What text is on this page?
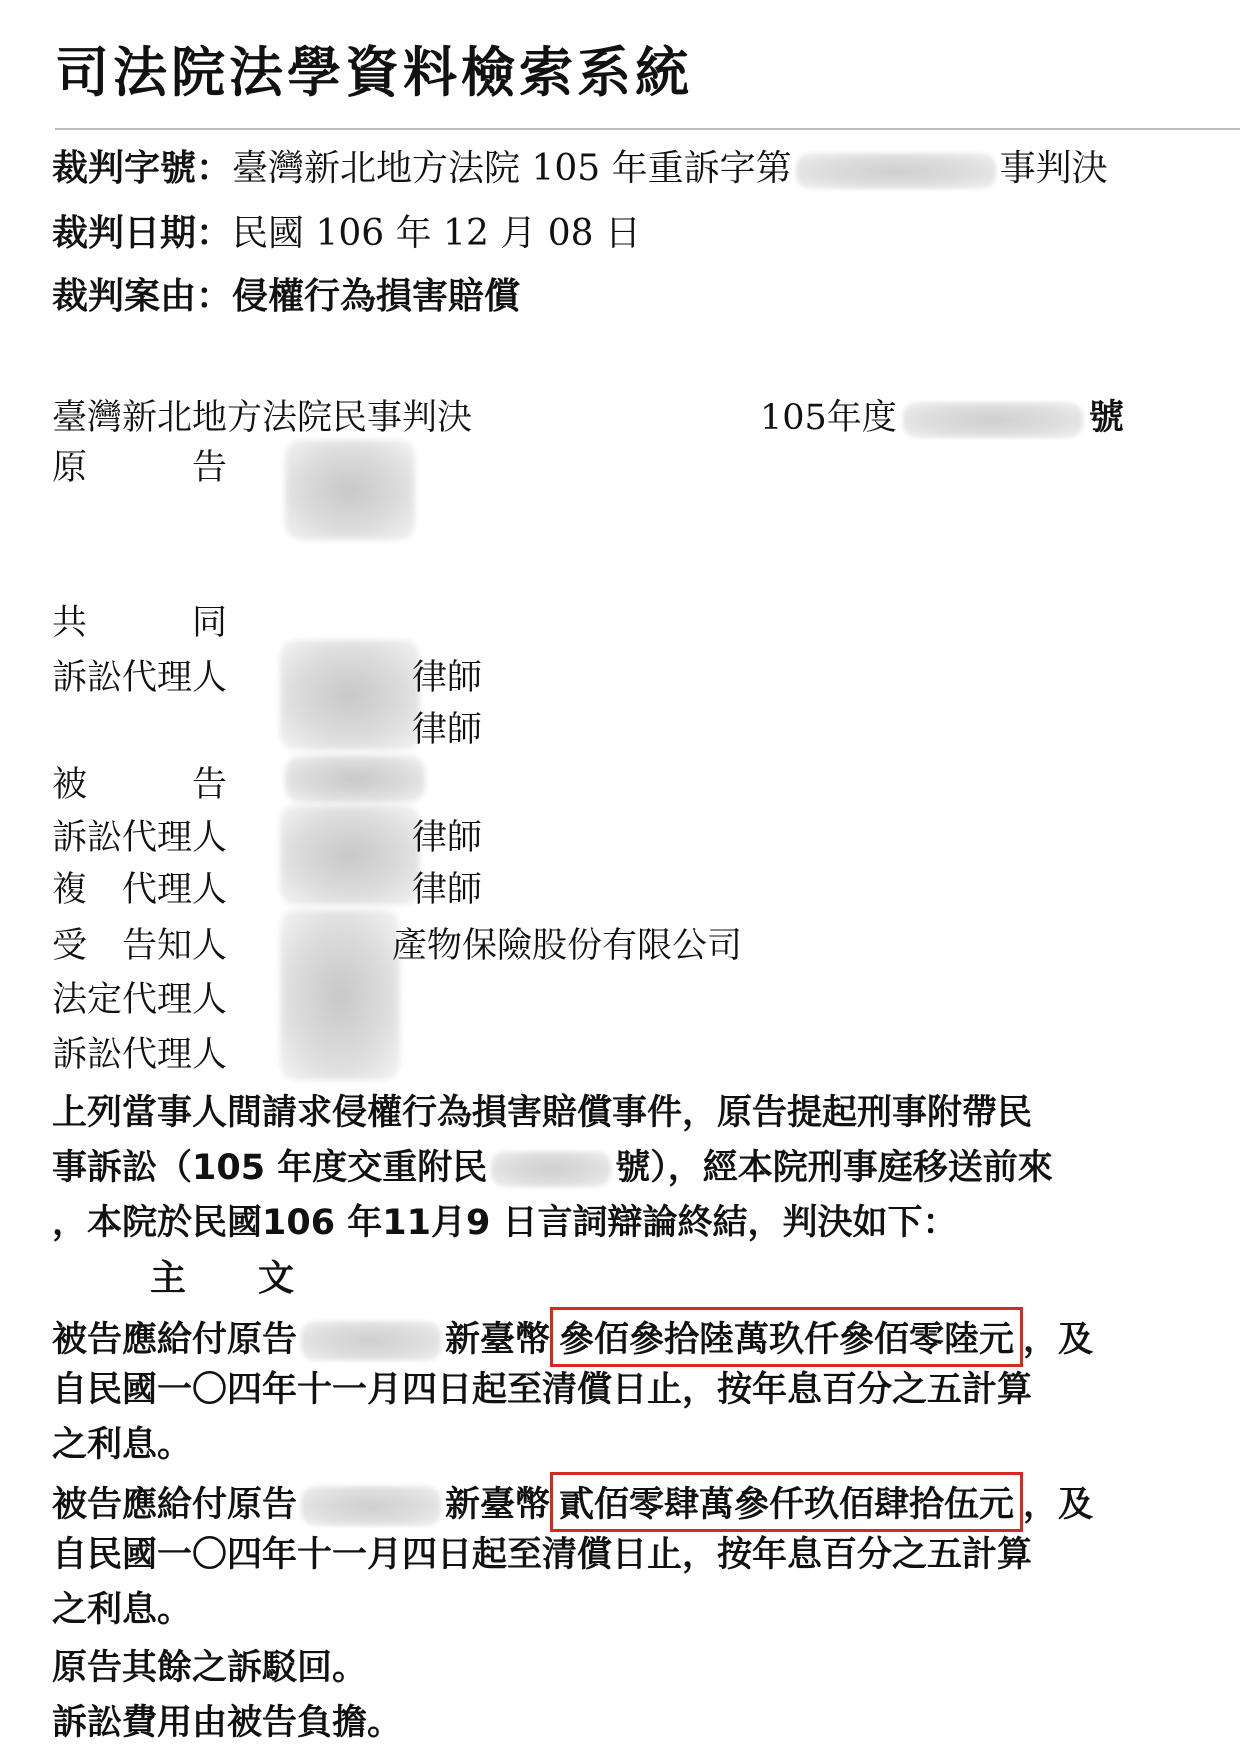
司法院法學資料檢索系統
裁判字號：臺灣新北地方法院 105 年重訴字第	事判決
裁判日期：民國 106 年 12 月 08 日
裁判案由：侵權行為損害賠償
臺灣新北地方法院民事判決	105年度	號
原　　　告
共　　　同
訴訟代理人	律師
律師
被　　　告
訴訟代理人	律師
複　代理人	律師
受　告知人	產物保險股份有限公司
法定代理人
訴訟代理人
上列當事人間請求侵權行為損害賠償事件，原告提起刑事附帶民
事訴訟（105 年度交重附民	號），經本院刑事庭移送前來
，本院於民國106 年11月9 日言詞辯論終結，判決如下：
主　文
被告應給付原告	新臺幣 參佰參拾陸萬玖仟參佰零陸元 ，及
自民國一〇四年十一月四日起至清償日止，按年息百分之五計算
之利息。
被告應給付原告	新臺幣 貳佰零肆萬參仟玖佰肆拾伍元 ，及
自民國一〇四年十一月四日起至清償日止，按年息百分之五計算
之利息。
原告其餘之訴駁回。
訴訟費用由被告負擔。
